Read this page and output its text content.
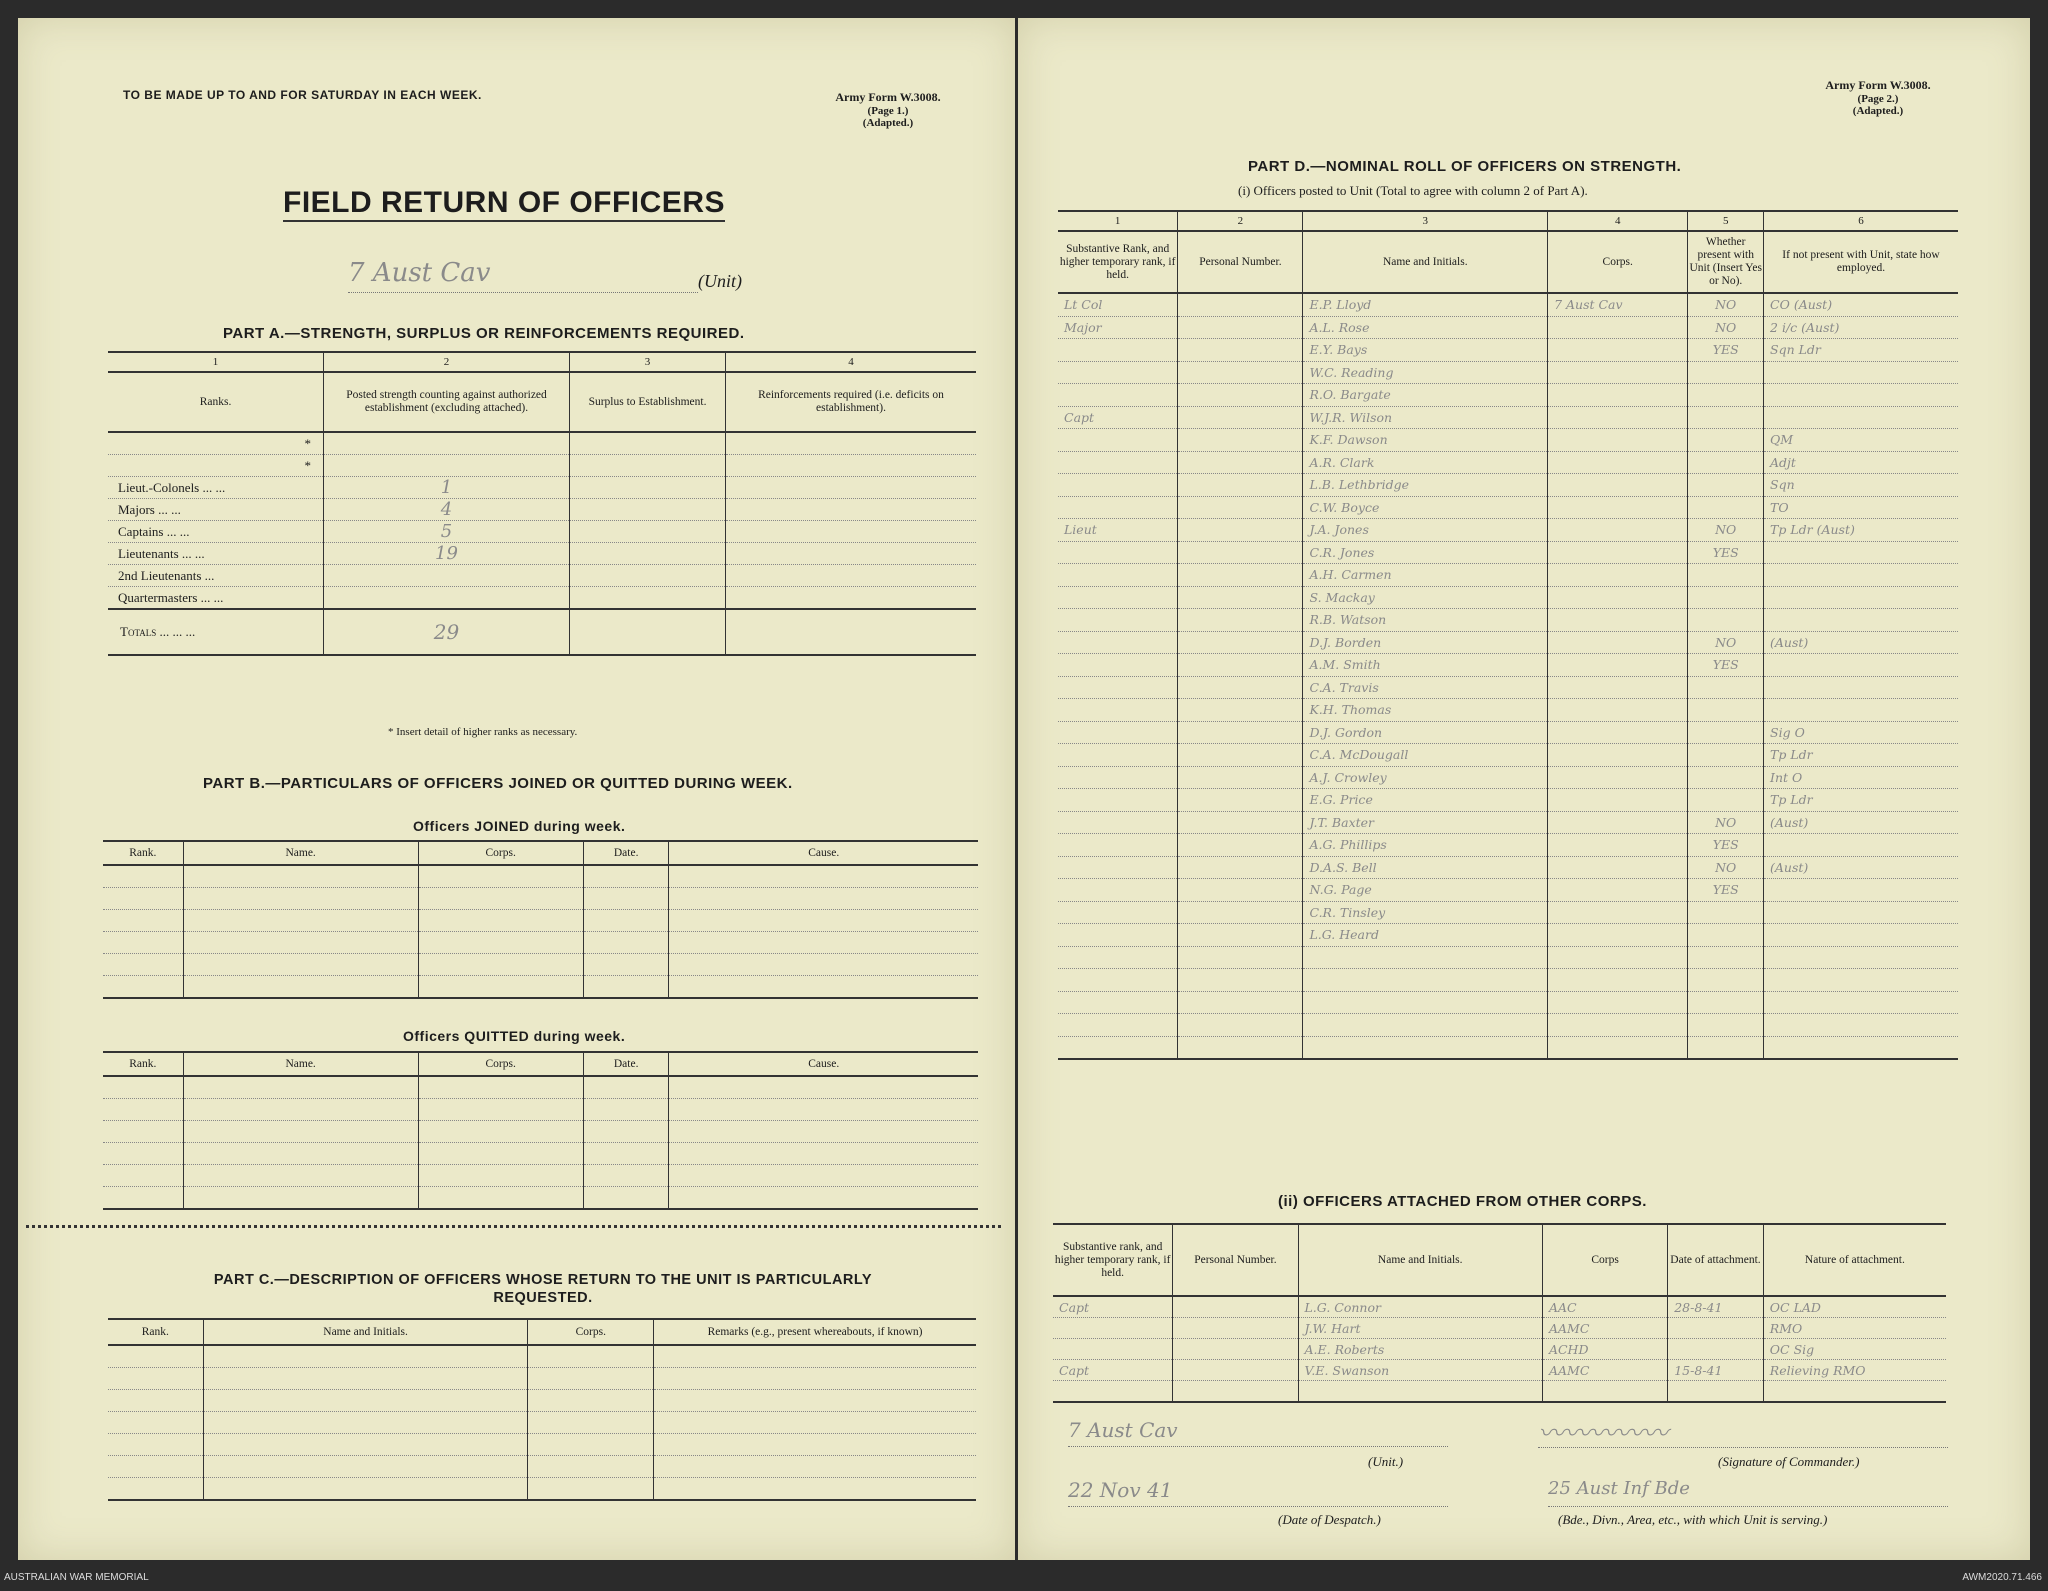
TO BE MADE UP TO AND FOR SATURDAY IN EACH WEEK.	Army Form W.3008.
(Page 1.)
(Adapted.)
FIELD RETURN OF OFFICERS
7 Aust Cav	(Unit)
PART A.—STRENGTH, SURPLUS OR REINFORCEMENTS REQUIRED.
1	2	3	4
Ranks.	Posted strength counting against authorized establishment (excluding attached).	Surplus to Establishment.	Reinforcements required (i.e. deficits on establishment).
*			
*			
Lieut.-Colonels ... ...	1		
Majors ... ...	4		
Captains ... ...	5		
Lieutenants ... ...	19		
2nd Lieutenants ...			
Quartermasters ... ...			
Totals ... ... ...	29		
* Insert detail of higher ranks as necessary.
PART B.—PARTICULARS OF OFFICERS JOINED OR QUITTED DURING WEEK.
Officers JOINED during week.
Rank.	Name.	Corps.	Date.	Cause.

Officers QUITTED during week.
Rank.	Name.	Corps.	Date.	Cause.

PART C.—DESCRIPTION OF OFFICERS WHOSE RETURN TO THE UNIT IS PARTICULARLY
REQUESTED.
Rank.	Name and Initials.	Corps.	Remarks (e.g., present whereabouts, if known)

Army Form W.3008.
(Page 2.)
(Adapted.)
PART D.—NOMINAL ROLL OF OFFICERS ON STRENGTH.
(i) Officers posted to Unit (Total to agree with column 2 of Part A).
1	2	3	4	5	6
Substantive Rank, and higher temporary rank, if held.	Personal Number.	Name and Initials.	Corps.	Whether present with Unit (Insert Yes or No).	If not present with Unit, state how employed.
Lt Col		E.P. Lloyd	7 Aust Cav	NO	CO (Aust)
Major		A.L. Rose		NO	2 i/c (Aust)
		E.Y. Bays		YES	Sqn Ldr
		W.C. Reading			
		R.O. Bargate			
Capt		W.J.R. Wilson			
		K.F. Dawson			QM
		A.R. Clark			Adjt
		L.B. Lethbridge			Sqn
		C.W. Boyce			TO
Lieut		J.A. Jones		NO	Tp Ldr (Aust)
		C.R. Jones		YES	
		A.H. Carmen			
		S. Mackay			
		R.B. Watson			
		D.J. Borden		NO	(Aust)
		A.M. Smith		YES	
		C.A. Travis			
		K.H. Thomas			
		D.J. Gordon			Sig O
		C.A. McDougall			Tp Ldr
		A.J. Crowley			Int O
		E.G. Price			Tp Ldr
		J.T. Baxter		NO	(Aust)
		A.G. Phillips		YES	
		D.A.S. Bell		NO	(Aust)
		N.G. Page		YES	
		C.R. Tinsley			
		L.G. Heard			

(ii) OFFICERS ATTACHED FROM OTHER CORPS.
Substantive rank, and higher temporary rank, if held.	Personal Number.	Name and Initials.	Corps	Date of attachment.	Nature of attachment.
Capt		L.G. Connor	AAC	28-8-41	OC LAD
		J.W. Hart	AAMC		RMO
		A.E. Roberts	ACHD		OC Sig
Capt		V.E. Swanson	AAMC	15-8-41	Relieving RMO

7 Aust Cav
(Unit.)
〰〰〰〰〰
(Signature of Commander.)
22 Nov 41
(Date of Despatch.)
25 Aust Inf Bde
(Bde., Divn., Area, etc., with which Unit is serving.)
AUSTRALIAN WAR MEMORIAL	AWM2020.71.466
